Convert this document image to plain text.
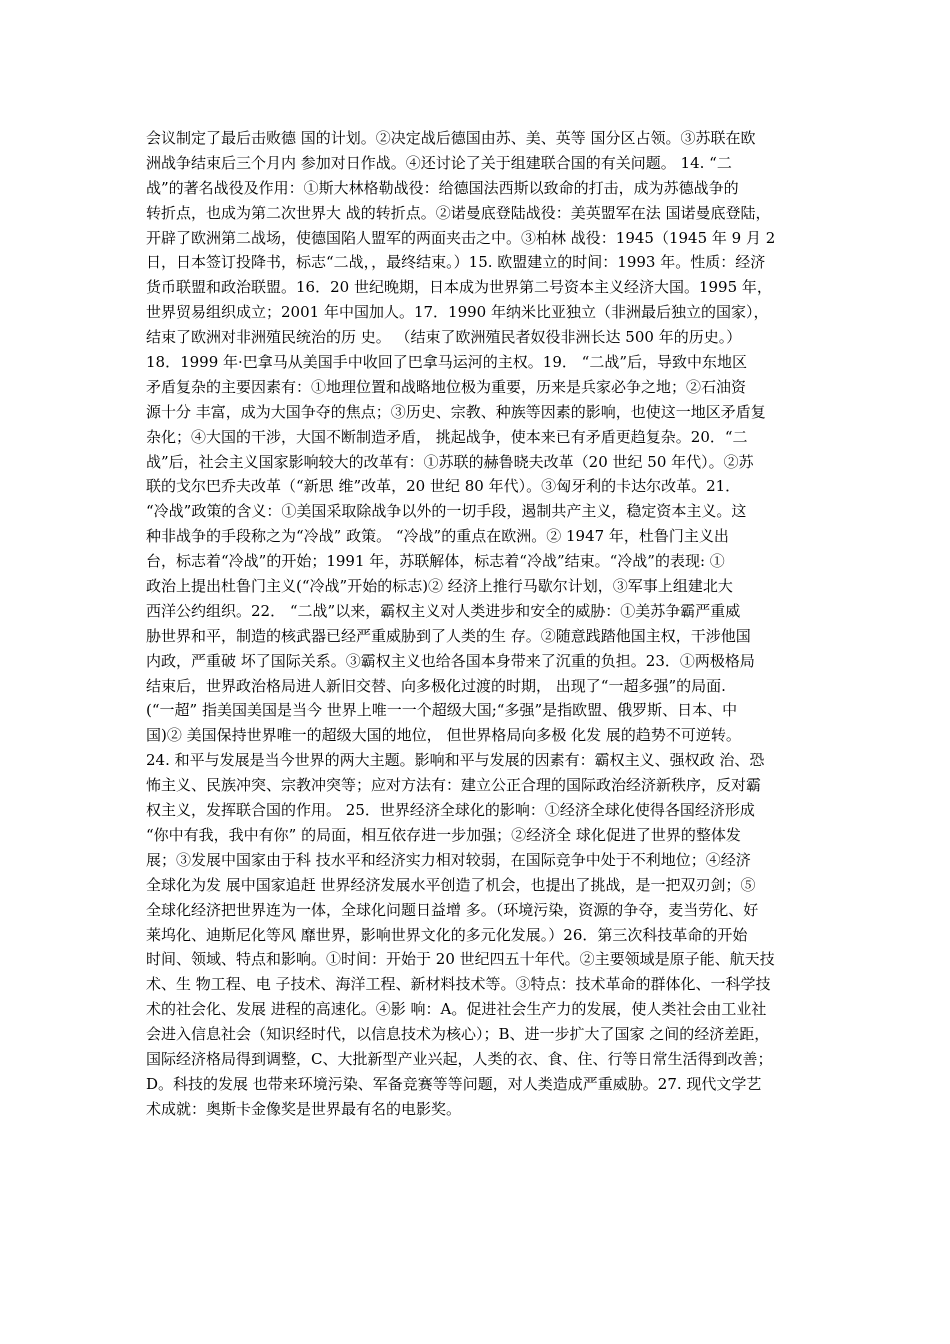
会议制定了最后击败德 国的计划。②决定战后德国由苏、美、英等 国分区占领。③苏联在欧
洲战争结束后三个月内 参加对日作战。④还讨论了关于组建联合国的有关问题。 14. “二
战”的著名战役及作用：①斯大林格勒战役：给德国法西斯以致命的打击，成为苏德战争的
转折点，也成为第二次世界大 战的转折点。②诺曼底登陆战役：美英盟军在法 国诺曼底登陆，
开辟了欧洲第二战场，使德国陷人盟军的两面夹击之中。③柏林 战役：1945（1945 年 9 月 2
日，日本签订投降书，标志“二战，，最终结束。）15. 欧盟建立的时间：1993 年。性质：经济
货币联盟和政治联盟。16．20 世纪晚期，日本成为世界第二号资本主义经济大国。1995 年，
世界贸易组织成立；2001 年中国加人。17．1990 年纳米比亚独立（非洲最后独立的国家），
结束了欧洲对非洲殖民统治的历 史。 （结束了欧洲殖民者奴役非洲长达 500 年的历史。）
18．1999 年·巴拿马从美国手中收回了巴拿马运河的主权。19． “二战”后，导致中东地区
矛盾复杂的主要因素有：①地理位置和战略地位极为重要，历来是兵家必争之地；②石油资
源十分 丰富，成为大国争夺的焦点；③历史、宗教、种族等因素的影响，也使这一地区矛盾复
杂化；④大国的干涉，大国不断制造矛盾， 挑起战争，使本来已有矛盾更趋复杂。20．“二
战”后，社会主义国家影响较大的改革有：①苏联的赫鲁晓夫改革（20 世纪 50 年代）。②苏
联的戈尔巴乔夫改革（“新思 维”改革，20 世纪 80 年代）。③匈牙利的卡达尔改革。21．
“冷战”政策的含义：①美国采取除战争以外的一切手段，遏制共产主义，稳定资本主义。这
种非战争的手段称之为“冷战” 政策。 “冷战”的重点在欧洲。② 1947 年，杜鲁门主义出
台，标志着“冷战”的开始；1991 年，苏联解体，标志着“冷战”结束。“冷战”的表现: ①
政治上提出杜鲁门主义(“冷战”开始的标志)② 经济上推行马歇尔计划，③军事上组建北大
西洋公约组织。22． “二战”以来，霸权主义对人类进步和安全的威胁：①美苏争霸严重威
胁世界和平，制造的核武器已经严重威胁到了人类的生 存。②随意践踏他国主权，干涉他国
内政，严重破 坏了国际关系。③霸权主义也给各国本身带来了沉重的负担。23．①两极格局
结束后，世界政治格局进人新旧交替、向多极化过渡的时期， 出现了“一超多强”的局面.
(“一超” 指美国美国是当今 世界上唯一一个超级大国;“多强”是指欧盟、俄罗斯、日本、中
国)② 美国保持世界唯一的超级大国的地位， 但世界格局向多极 化发 展的趋势不可逆转。
24. 和平与发展是当今世界的两大主题。影响和平与发展的因素有：霸权主义、强权政 治、恐
怖主义、民族冲突、宗教冲突等；应对方法有：建立公正合理的国际政治经济新秩序，反对霸
权主义，发挥联合国的作用。 25．世界经济全球化的影响：①经济全球化使得各国经济形成
“你中有我，我中有你” 的局面，相互依存进一步加强；②经济全 球化促进了世界的整体发
展；③发展中国家由于科 技水平和经济实力相对较弱，在国际竞争中处于不利地位；④经济
全球化为发 展中国家追赶 世界经济发展水平创造了机会，也提出了挑战，是一把双刃剑；⑤
全球化经济把世界连为一体，全球化问题日益增 多。（环境污染，资源的争夺，麦当劳化、好
莱坞化、迪斯尼化等风 靡世界，影响世界文化的多元化发展。）26．第三次科技革命的开始
时间、领域、特点和影响。①时间：开始于 20 世纪四五十年代。②主要领域是原子能、航天技
术、生 物工程、电 子技术、海洋工程、新材料技术等。③特点：技术革命的群体化、一科学技
术的社会化、发展 进程的高速化。④影 响：A。促进社会生产力的发展，使人类社会由工业社
会进入信息社会（知识经时代，以信息技术为核心）；B、进一步扩大了国家 之间的经济差距，
国际经济格局得到调整，C、大批新型产业兴起，人类的衣、食、住、行等日常生活得到改善；
D。科技的发展 也带来环境污染、军备竞赛等等问题，对人类造成严重威胁。27. 现代文学艺
术成就：奥斯卡金像奖是世界最有名的电影奖。
